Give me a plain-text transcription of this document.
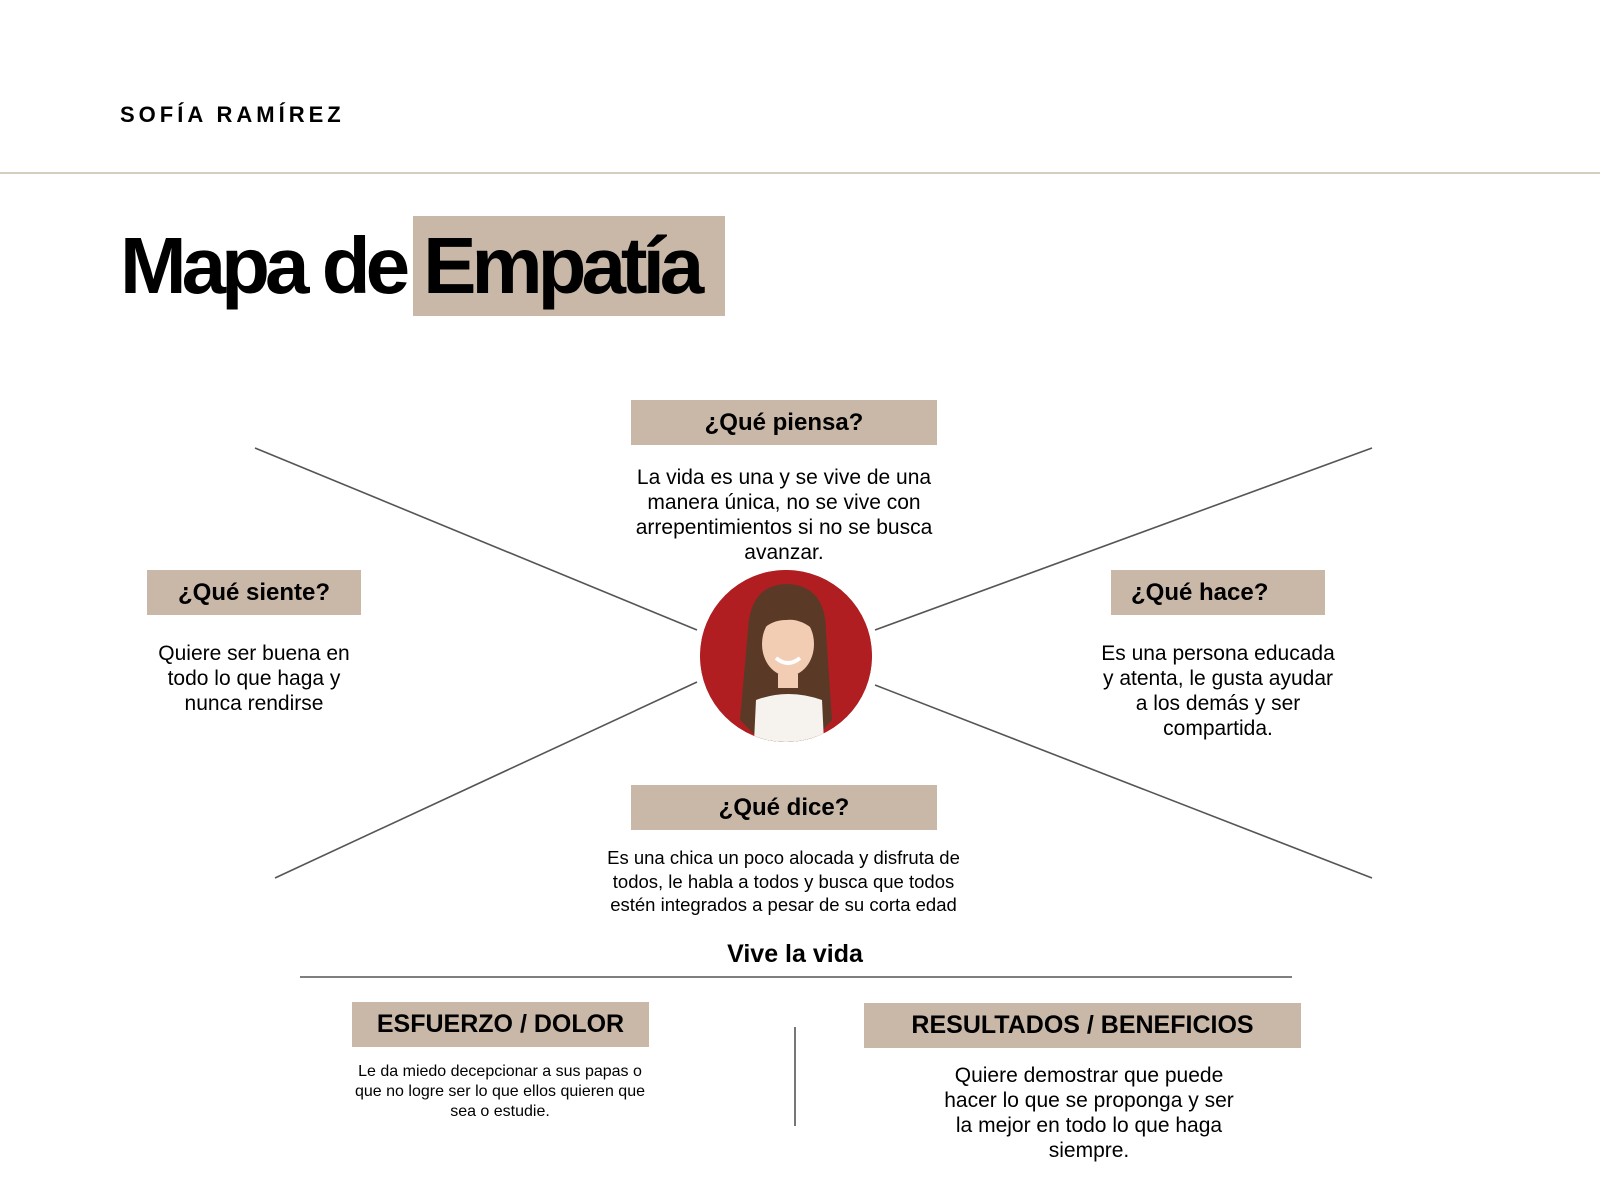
SOFÍA RAMÍREZ
Mapa de Empatía
¿Qué piensa?
La vida es una y se vive de una manera única, no se vive con arrepentimientos si no se busca avanzar.
¿Qué siente?
Quiere ser buena en todo lo que haga y nunca rendirse
¿Qué hace?
Es una persona educada y atenta, le gusta ayudar a los demás y ser compartida.
¿Qué dice?
Es una chica un poco alocada y disfruta de todos, le habla a todos y busca que todos estén integrados a pesar de su corta edad
Vive la vida
ESFUERZO / DOLOR
Le da miedo decepcionar a sus papas o que no logre ser lo que ellos quieren que sea o estudie.
RESULTADOS / BENEFICIOS
Quiere demostrar que puede hacer lo que se proponga y ser la mejor en todo lo que haga siempre.
